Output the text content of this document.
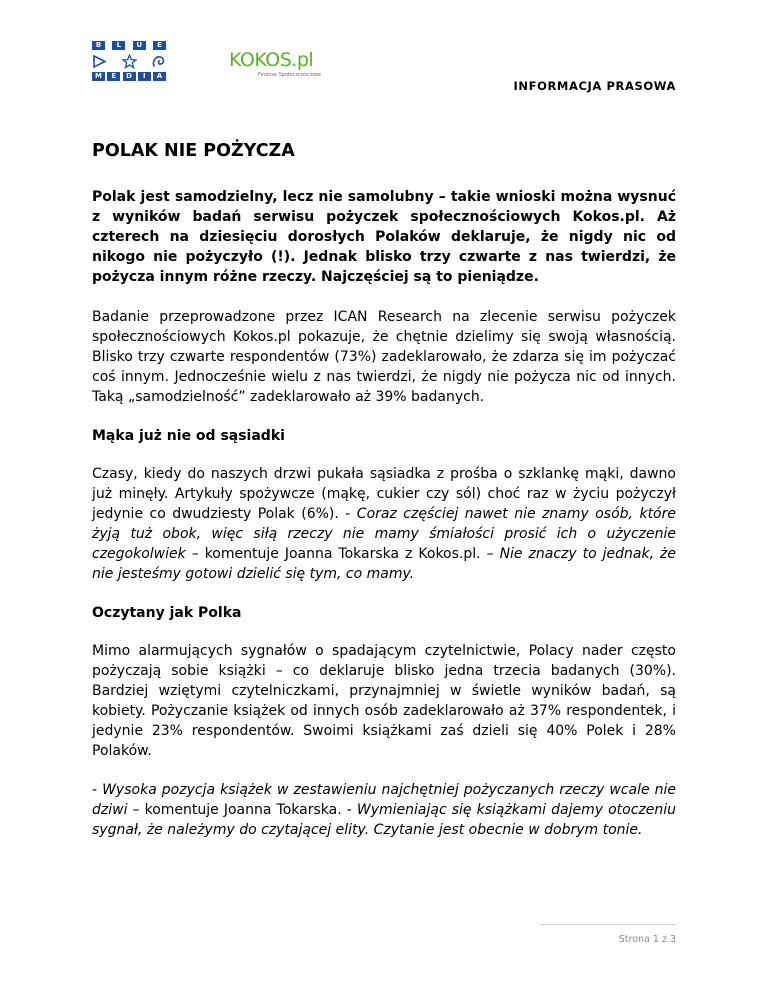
B	L	U	E
M	E	D	I	A
KOKOS.pl
Finanse Społecznościowe
INFORMACJA PRASOWA
POLAK NIE POŻYCZA

Polak jest samodzielny, lecz nie samolubny – takie wnioski można wysnuć z wyników badań serwisu pożyczek społecznościowych Kokos.pl. Aż czterech na dziesięciu dorosłych Polaków deklaruje, że nigdy nic od nikogo nie pożyczyło (!). Jednak blisko trzy czwarte z nas twierdzi, że pożycza innym różne rzeczy. Najczęściej są to pieniądze.

Badanie przeprowadzone przez ICAN Research na zlecenie serwisu pożyczek społecznościowych Kokos.pl pokazuje, że chętnie dzielimy się swoją własnością. Blisko trzy czwarte respondentów (73%) zadeklarowało, że zdarza się im pożyczać coś innym. Jednocześnie wielu z nas twierdzi, że nigdy nie pożycza nic od innych. Taką „samodzielność” zadeklarowało aż 39% badanych.

Mąka już nie od sąsiadki

Czasy, kiedy do naszych drzwi pukała sąsiadka z prośba o szklankę mąki, dawno już minęły. Artykuły spożywcze (mąkę, cukier czy sól) choć raz w życiu pożyczył jedynie co dwudziesty Polak (6%). - Coraz częściej nawet nie znamy osób, które żyją tuż obok, więc siłą rzeczy nie mamy śmiałości prosić ich o użyczenie czegokolwiek – komentuje Joanna Tokarska z Kokos.pl. – Nie znaczy to jednak, że nie jesteśmy gotowi dzielić się tym, co mamy.

Oczytany jak Polka

Mimo alarmujących sygnałów o spadającym czytelnictwie, Polacy nader często pożyczają sobie książki – co deklaruje blisko jedna trzecia badanych (30%). Bardziej wziętymi czytelniczkami, przynajmniej w świetle wyników badań, są kobiety. Pożyczanie książek od innych osób zadeklarowało aż 37% respondentek, i jedynie 23% respondentów. Swoimi książkami zaś dzieli się 40% Polek i 28% Polaków.

- Wysoka pozycja książek w zestawieniu najchętniej pożyczanych rzeczy wcale nie dziwi – komentuje Joanna Tokarska. - Wymieniając się książkami dajemy otoczeniu sygnał, że należymy do czytającej elity. Czytanie jest obecnie w dobrym tonie.

Strona 1 z 3
